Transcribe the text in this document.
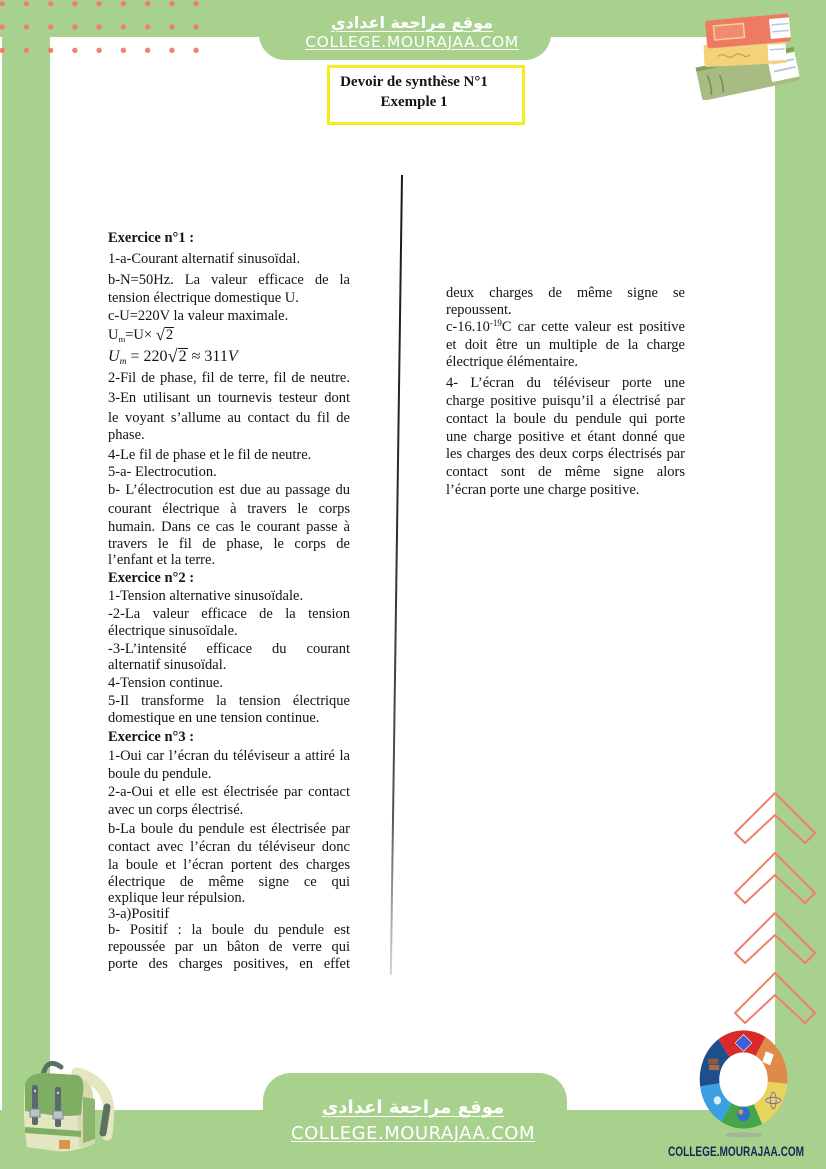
موقع مراجعة اعدادي
COLLEGE.MOURAJAA.COM
Devoir de synthèse N°1
Exemple 1
Exercice n°1 :
1-a-Courant alternatif sinusoïdal.
b-N=50Hz. La valeur efficace de la
tension électrique domestique U.
c-U=220V la valeur maximale.
$U_m=U\times √2$
$U_m = 220√2 \approx 311V$
2-Fil de phase, fil de terre, fil de neutre.
3-En utilisant un tournevis testeur dont
le voyant s’allume au contact du fil de
phase.
4-Le fil de phase et le fil de neutre.
5-a- Electrocution.
b- L’électrocution est due au passage du
courant électrique à travers le corps
humain. Dans ce cas le courant passe à
travers le fil de phase, le corps de
l’enfant et la terre.
Exercice n°2 :
1-Tension alternative sinusoïdale.
-2-La valeur efficace de la tension
électrique sinusoïdale.
-3-L’intensité efficace du courant
alternatif sinusoïdal.
4-Tension continue.
5-Il transforme la tension électrique
domestique en une tension continue.
Exercice n°3 :
1-Oui car l’écran du téléviseur a attiré la
boule du pendule.
2-a-Oui et elle est électrisée par contact
avec un corps électrisé.
b-La boule du pendule est électrisée par
contact avec l’écran du téléviseur donc
la boule et l’écran portent des charges
électrique de même signe ce qui
explique leur répulsion.
3-a)Positif
b- Positif : la boule du pendule est
repoussée par un bâton de verre qui
porte des charges positives, en effet
deux charges de même signe se
repoussent.
$c-16.10^{-19}C$ car cette valeur est positive
et doit être un multiple de la charge
électrique élémentaire.
4- L’écran du téléviseur porte une
charge positive puisqu’il a électrisé par
contact la boule du pendule qui porte
une charge positive et étant donné que
les charges des deux corps électrisés par
contact sont de même signe alors
l’écran porte une charge positive.
موقع مراجعة اعدادي
COLLEGE.MOURAJAA.COM
COLLEGE.MOURAJAA.COM
